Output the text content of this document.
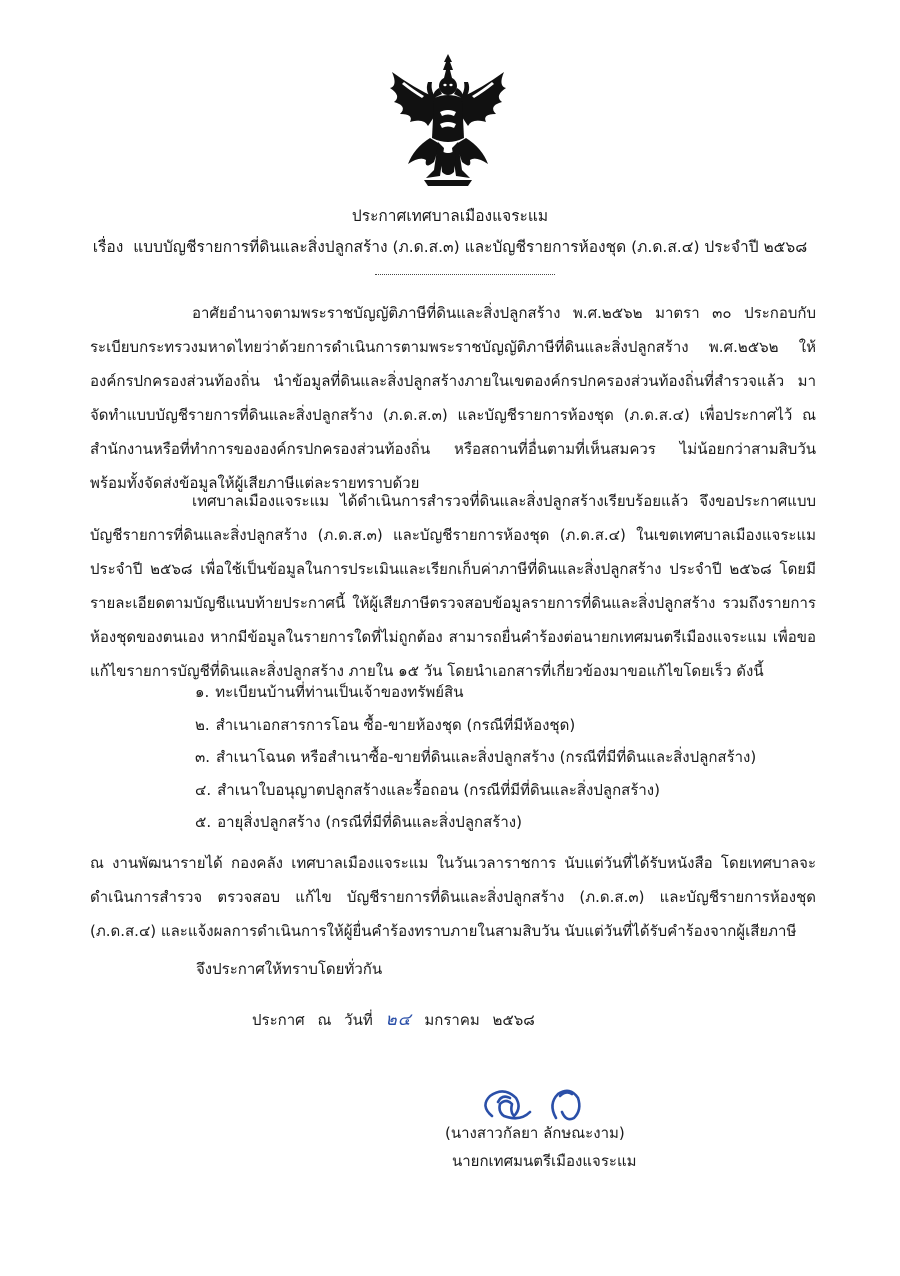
ประกาศเทศบาลเมืองแจระแม
เรื่อง แบบบัญชีรายการที่ดินและสิ่งปลูกสร้าง (ภ.ด.ส.๓) และบัญชีรายการห้องชุด (ภ.ด.ส.๔) ประจำปี ๒๕๖๘
อาศัยอำนาจตามพระราชบัญญัติภาษีที่ดินและสิ่งปลูกสร้าง พ.ศ.๒๕๖๒ มาตรา ๓๐ ประกอบกับระเบียบกระทรวงมหาดไทยว่าด้วยการดำเนินการตามพระราชบัญญัติภาษีที่ดินและสิ่งปลูกสร้าง พ.ศ.๒๕๖๒ ให้องค์กรปกครองส่วนท้องถิ่น นำข้อมูลที่ดินและสิ่งปลูกสร้างภายในเขตองค์กรปกครองส่วนท้องถิ่นที่สำรวจแล้ว มาจัดทำแบบบัญชีรายการที่ดินและสิ่งปลูกสร้าง (ภ.ด.ส.๓) และบัญชีรายการห้องชุด (ภ.ด.ส.๔) เพื่อประกาศไว้ ณ สำนักงานหรือที่ทำการขององค์กรปกครองส่วนท้องถิ่น หรือสถานที่อื่นตามที่เห็นสมควร ไม่น้อยกว่าสามสิบวัน พร้อมทั้งจัดส่งข้อมูลให้ผู้เสียภาษีแต่ละรายทราบด้วย
เทศบาลเมืองแจระแม ได้ดำเนินการสำรวจที่ดินและสิ่งปลูกสร้างเรียบร้อยแล้ว จึงขอประกาศแบบบัญชีรายการที่ดินและสิ่งปลูกสร้าง (ภ.ด.ส.๓) และบัญชีรายการห้องชุด (ภ.ด.ส.๔) ในเขตเทศบาลเมืองแจระแม ประจำปี ๒๕๖๘ เพื่อใช้เป็นข้อมูลในการประเมินและเรียกเก็บค่าภาษีที่ดินและสิ่งปลูกสร้าง ประจำปี ๒๕๖๘ โดยมีรายละเอียดตามบัญชีแนบท้ายประกาศนี้ ให้ผู้เสียภาษีตรวจสอบข้อมูลรายการที่ดินและสิ่งปลูกสร้าง รวมถึงรายการห้องชุดของตนเอง หากมีข้อมูลในรายการใดที่ไม่ถูกต้อง สามารถยื่นคำร้องต่อนายกเทศมนตรีเมืองแจระแม เพื่อขอแก้ไขรายการบัญชีที่ดินและสิ่งปลูกสร้าง ภายใน ๑๕ วัน โดยนำเอกสารที่เกี่ยวข้องมาขอแก้ไขโดยเร็ว ดังนี้
๑. ทะเบียนบ้านที่ท่านเป็นเจ้าของทรัพย์สิน
๒. สำเนาเอกสารการโอน ซื้อ-ขายห้องชุด (กรณีที่มีห้องชุด)
๓. สำเนาโฉนด หรือสำเนาซื้อ-ขายที่ดินและสิ่งปลูกสร้าง (กรณีที่มีที่ดินและสิ่งปลูกสร้าง)
๔. สำเนาใบอนุญาตปลูกสร้างและรื้อถอน (กรณีที่มีที่ดินและสิ่งปลูกสร้าง)
๕. อายุสิ่งปลูกสร้าง (กรณีที่มีที่ดินและสิ่งปลูกสร้าง)
ณ งานพัฒนารายได้ กองคลัง เทศบาลเมืองแจระแม ในวันเวลาราชการ นับแต่วันที่ได้รับหนังสือ โดยเทศบาลจะดำเนินการสำรวจ ตรวจสอบ แก้ไข บัญชีรายการที่ดินและสิ่งปลูกสร้าง (ภ.ด.ส.๓) และบัญชีรายการห้องชุด (ภ.ด.ส.๔) และแจ้งผลการดำเนินการให้ผู้ยื่นคำร้องทราบภายในสามสิบวัน นับแต่วันที่ได้รับคำร้องจากผู้เสียภาษี
จึงประกาศให้ทราบโดยทั่วกัน
ประกาศ ณ วันที่ ๒๔ มกราคม ๒๕๖๘
(นางสาวกัลยา ลักษณะงาม)
นายกเทศมนตรีเมืองแจระแม
